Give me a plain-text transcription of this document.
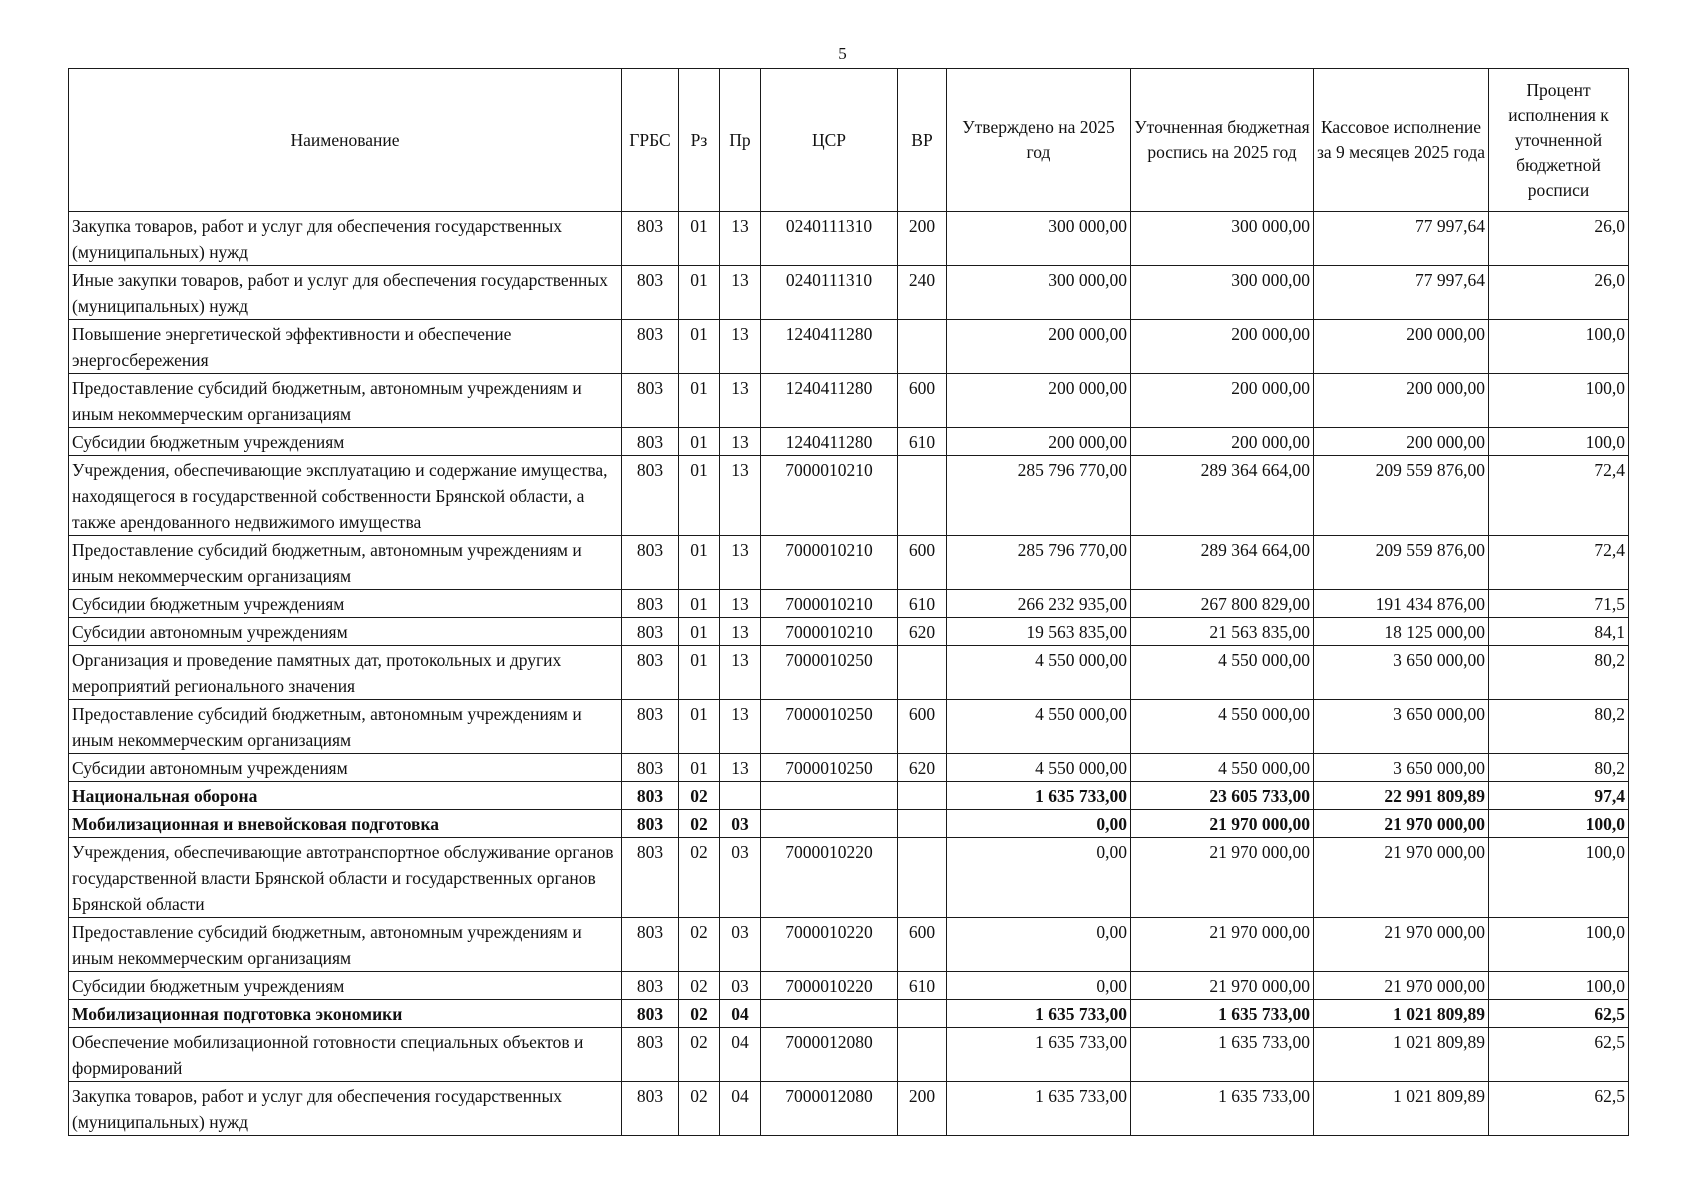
5
Наименование	ГРБС	Рз	Пр	ЦСР	ВР	Утверждено на 2025 год	Уточненная бюджетная роспись на 2025 год	Кассовое исполнение за 9 месяцев 2025 года	Процент исполнения к уточненной бюджетной росписи
Закупка товаров, работ и услуг для обеспечения государственных (муниципальных) нужд	803	01	13	0240111310	200	300 000,00	300 000,00	77 997,64	26,0
Иные закупки товаров, работ и услуг для обеспечения государственных (муниципальных) нужд	803	01	13	0240111310	240	300 000,00	300 000,00	77 997,64	26,0
Повышение энергетической эффективности и обеспечение энергосбережения	803	01	13	1240411280		200 000,00	200 000,00	200 000,00	100,0
Предоставление субсидий бюджетным, автономным учреждениям и иным некоммерческим организациям	803	01	13	1240411280	600	200 000,00	200 000,00	200 000,00	100,0
Субсидии бюджетным учреждениям	803	01	13	1240411280	610	200 000,00	200 000,00	200 000,00	100,0
Учреждения, обеспечивающие эксплуатацию и содержание имущества, находящегося в государственной собственности Брянской области, а также арендованного недвижимого имущества	803	01	13	7000010210		285 796 770,00	289 364 664,00	209 559 876,00	72,4
Предоставление субсидий бюджетным, автономным учреждениям и иным некоммерческим организациям	803	01	13	7000010210	600	285 796 770,00	289 364 664,00	209 559 876,00	72,4
Субсидии бюджетным учреждениям	803	01	13	7000010210	610	266 232 935,00	267 800 829,00	191 434 876,00	71,5
Субсидии автономным учреждениям	803	01	13	7000010210	620	19 563 835,00	21 563 835,00	18 125 000,00	84,1
Организация и проведение памятных дат, протокольных и других мероприятий регионального значения	803	01	13	7000010250		4 550 000,00	4 550 000,00	3 650 000,00	80,2
Предоставление субсидий бюджетным, автономным учреждениям и иным некоммерческим организациям	803	01	13	7000010250	600	4 550 000,00	4 550 000,00	3 650 000,00	80,2
Субсидии автономным учреждениям	803	01	13	7000010250	620	4 550 000,00	4 550 000,00	3 650 000,00	80,2
Национальная оборона	803	02				1 635 733,00	23 605 733,00	22 991 809,89	97,4
Мобилизационная и вневойсковая подготовка	803	02	03			0,00	21 970 000,00	21 970 000,00	100,0
Учреждения, обеспечивающие автотранспортное обслуживание органов государственной власти Брянской области и государственных органов Брянской области	803	02	03	7000010220		0,00	21 970 000,00	21 970 000,00	100,0
Предоставление субсидий бюджетным, автономным учреждениям и иным некоммерческим организациям	803	02	03	7000010220	600	0,00	21 970 000,00	21 970 000,00	100,0
Субсидии бюджетным учреждениям	803	02	03	7000010220	610	0,00	21 970 000,00	21 970 000,00	100,0
Мобилизационная подготовка экономики	803	02	04			1 635 733,00	1 635 733,00	1 021 809,89	62,5
Обеспечение мобилизационной готовности специальных объектов и формирований	803	02	04	7000012080		1 635 733,00	1 635 733,00	1 021 809,89	62,5
Закупка товаров, работ и услуг для обеспечения государственных (муниципальных) нужд	803	02	04	7000012080	200	1 635 733,00	1 635 733,00	1 021 809,89	62,5
